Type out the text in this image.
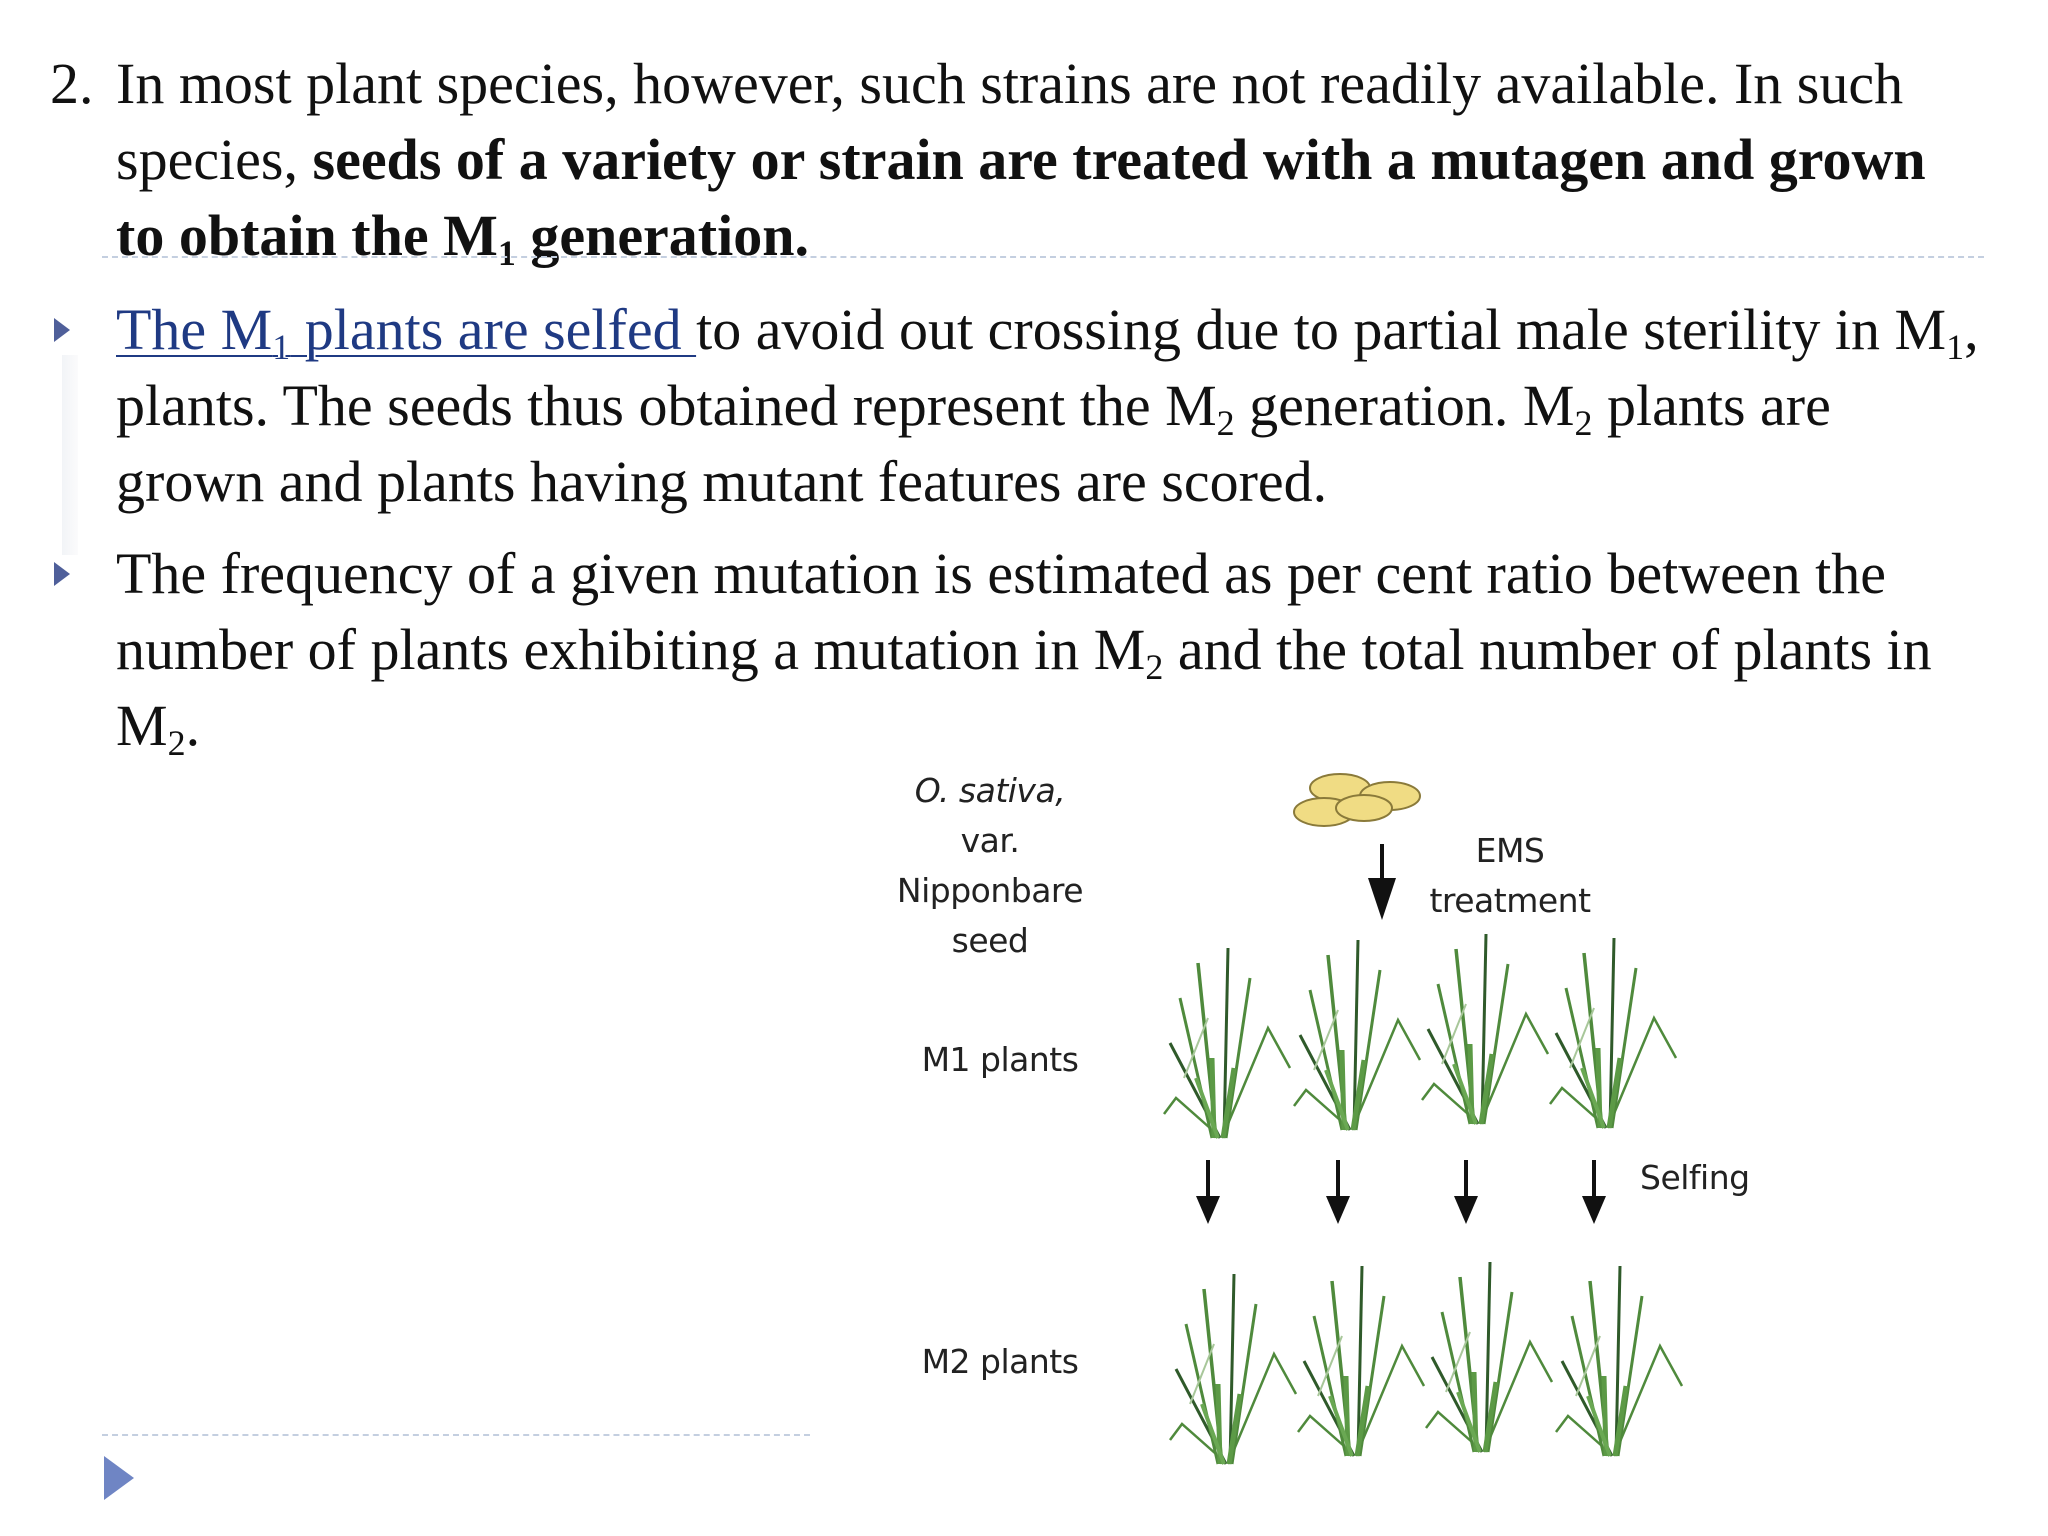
2. In most plant species, however, such strains are not readily available. In such species, seeds of a variety or strain are treated with a mutagen and grown to obtain the $M_1$ generation.
The $M_1$ plants are selfed to avoid out crossing due to partial male sterility in $M_1$, plants. The seeds thus obtained represent the $M_2$ generation. $M_2$ plants are grown and plants having mutant features are scored.
The frequency of a given mutation is estimated as per cent ratio between the number of plants exhibiting a mutation in $M_2$ and the total number of plants in $M_2$.
O. sativa,
var. Nipponbare
seed
EMS
treatment
M1 plants
M2 plants
Selfing
